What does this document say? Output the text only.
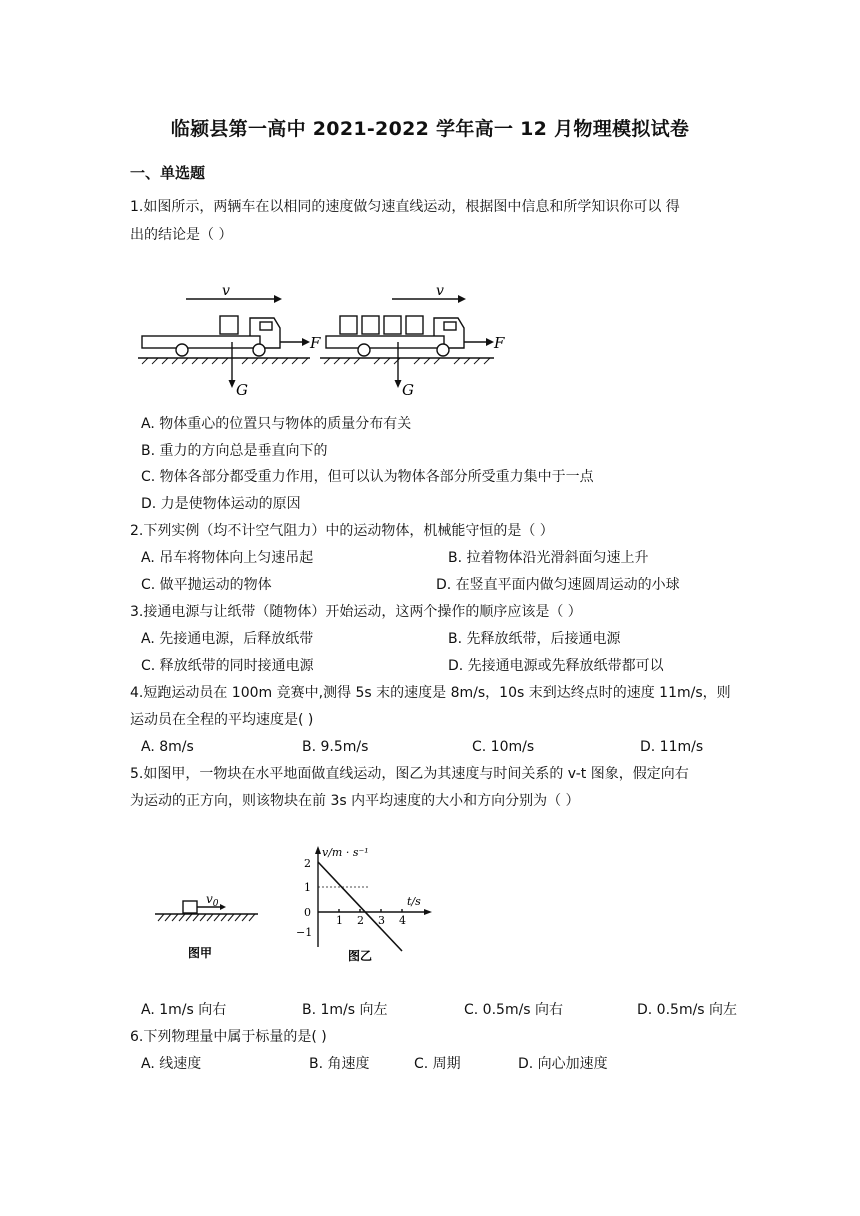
临颍县第一高中 2021-2022 学年高一 12 月物理模拟试卷
一、单选题
1.如图所示，两辆车在以相同的速度做匀速直线运动，根据图中信息和所学知识你可以 得
出的结论是（ ）
v
F
G
v
F
G
A. 物体重心的位置只与物体的质量分布有关
B. 重力的方向总是垂直向下的
C. 物体各部分都受重力作用，但可以认为物体各部分所受重力集中于一点
D. 力是使物体运动的原因
2.下列实例（均不计空气阻力）中的运动物体，机械能守恒的是（ ）
A. 吊车将物体向上匀速吊起	B. 拉着物体沿光滑斜面匀速上升
C. 做平抛运动的物体	D. 在竖直平面内做匀速圆周运动的小球
3.接通电源与让纸带（随物体）开始运动，这两个操作的顺序应该是（ ）
A. 先接通电源，后释放纸带	B. 先释放纸带，后接通电源
C. 释放纸带的同时接通电源	D. 先接通电源或先释放纸带都可以
4.短跑运动员在 100m 竞赛中,测得 5s 末的速度是 8m/s，10s 末到达终点时的速度 11m/s，则
运动员在全程的平均速度是( )
A. 8m/s	B. 9.5m/s	C. 10m/s	D. 11m/s
5.如图甲，一物块在水平地面做直线运动，图乙为其速度与时间关系的 v-t 图象，假定向右
为运动的正方向，则该物块在前 3s 内平均速度的大小和方向分别为（ ）
$v_0$
图甲
v/m · s⁻¹
t/s
2
1
0
−1
1 2 3 4
图乙
A. 1m/s 向右	B. 1m/s 向左	C. 0.5m/s 向右	D. 0.5m/s 向左
6.下列物理量中属于标量的是( )
A. 线速度	B. 角速度	C. 周期	D. 向心加速度
